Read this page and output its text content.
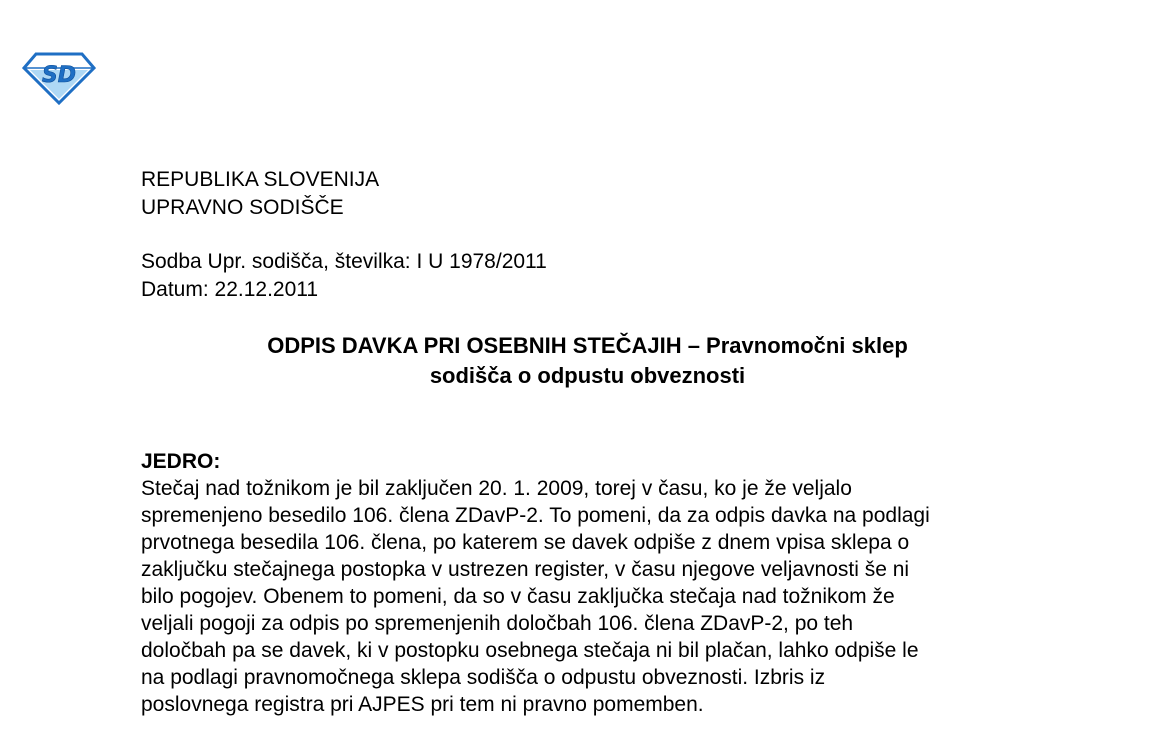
SD
REPUBLIKA SLOVENIJA
UPRAVNO SODIŠČE
Sodba Upr. sodišča, številka: I U 1978/2011
Datum: 22.12.2011
ODPIS DAVKA PRI OSEBNIH STEČAJIH – Pravnomočni sklep
sodišča o odpustu obveznosti
JEDRO:
Stečaj nad tožnikom je bil zaključen 20. 1. 2009, torej v času, ko je že veljalo
spremenjeno besedilo 106. člena ZDavP-2. To pomeni, da za odpis davka na podlagi
prvotnega besedila 106. člena, po katerem se davek odpiše z dnem vpisa sklepa o
zaključku stečajnega postopka v ustrezen register, v času njegove veljavnosti še ni
bilo pogojev. Obenem to pomeni, da so v času zaključka stečaja nad tožnikom že
veljali pogoji za odpis po spremenjenih določbah 106. člena ZDavP-2, po teh
določbah pa se davek, ki v postopku osebnega stečaja ni bil plačan, lahko odpiše le
na podlagi pravnomočnega sklepa sodišča o odpustu obveznosti. Izbris iz
poslovnega registra pri AJPES pri tem ni pravno pomemben.
